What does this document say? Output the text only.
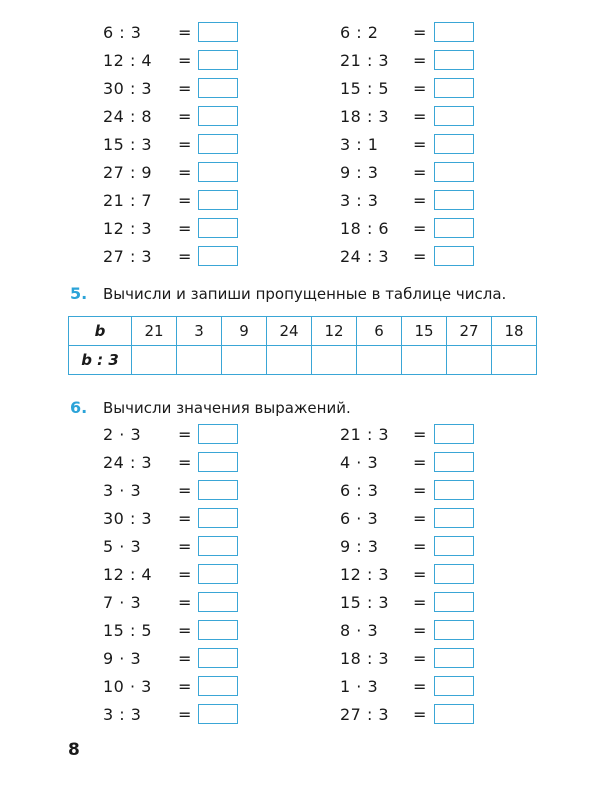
6 : 3	=
12 : 4	=
30 : 3	=
24 : 8	=
15 : 3	=
27 : 9	=
21 : 7	=
12 : 3	=
27 : 3	=
6 : 2	=
21 : 3	=
15 : 5	=
18 : 3	=
3 : 1	=
9 : 3	=
3 : 3	=
18 : 6	=
24 : 3	=
5. Вычисли и запиши пропущенные в таблице числа.
b	21	3	9	24	12	6	15	27	18
b : 3									
6. Вычисли значения выражений.
2 · 3	=
24 : 3	=
3 · 3	=
30 : 3	=
5 · 3	=
12 : 4	=
7 · 3	=
15 : 5	=
9 · 3	=
10 · 3	=
3 : 3	=
21 : 3	=
4 · 3	=
6 : 3	=
6 · 3	=
9 : 3	=
12 : 3	=
15 : 3	=
8 · 3	=
18 : 3	=
1 · 3	=
27 : 3	=
8
